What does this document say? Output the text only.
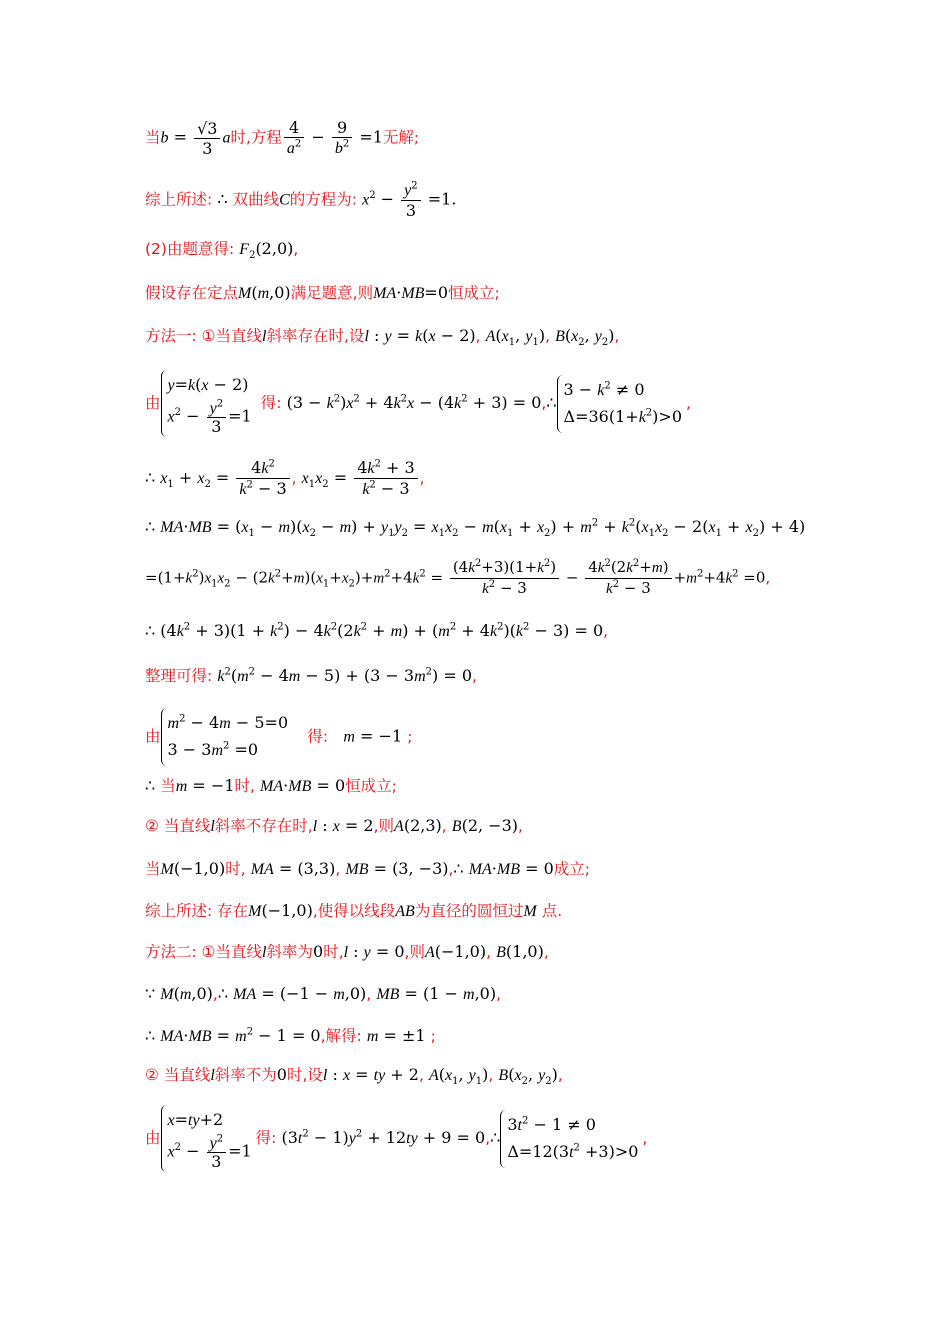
当$b = \frac{√3}{3}$ a时,方程 $\frac{4}{a^2} - \frac{9}{b^2} =1$无解;
综上所述: ∴ 双曲线C的方程为: $x^2 - \frac{y^2}{3} =1$.
(2)由题意得: $F_2(2,0)$,
假设存在定点M(m,0)满足题意,则MA·MB=0恒成立;
方法一: ①当直线l斜率存在时,设l : y = k(x − 2), $A(x_1$, $y_1$), $B(x_2$, $y_2$),
由
y=k(x − 2)
$x^2 - \frac{y^2}{3} =1$
得: $(3 - k^2)x^2 + 4k^2x - (4k^2 + 3)$ = 0,∴
$3 - k^2 \ne 0$
$\Delta=36(1+k^2)>0$
,
∴ $x_1 + x_2 = \frac{4k^2}{k^2 - 3}$ , $x_1x_2 = \frac{4k^2 + 3}{k^2 - 3}$ ,
∴ $MA\cdot MB = (x_1 - m)(x_2 - m) + y_1y_2 = x_1x_2 - m(x_1 + x_2) + m^2 + k^2(x_1x_2 - 2(x_1 + x_2) + 4)$
$=(1+k^2)x_1x_2 - (2k^2+m)(x_1+x_2)+m^2+4k^2 = \frac{(4k^2+3)(1+k^2)}{k^2 - 3} - \frac{4k^2(2k^2+m)}{k^2 - 3} +m^2+4k^2 =0$,
∴ $(4k^2 + 3)(1 + k^2) - 4k^2(2k^2 + m) + (m^2 + 4k^2)(k^2 - 3) = 0$,
整理可得: $k^2(m^2 - 4m - 5) + (3 - 3m^2) = 0$,
由
$m^2 - 4m - 5=0$
$3 - 3m^2 =0$
得: m = −1 ;
∴ 当m = −1时, MA·MB = 0恒成立;
② 当直线l斜率不存在时,l : x = 2,则A(2,3), B(2, −3),
当M(−1,0)时, MA = (3,3), MB = (3, −3),∴ MA·MB = 0成立;
综上所述: 存在M(−1,0),使得以线段AB为直径的圆恒过M 点.
方法二: ①当直线l斜率为0时,l : y = 0,则A(−1,0), B(1,0),
∵ M(m,0),∴ MA = (−1 − m,0), MB = (1 − m,0),
∴ $MA\cdot MB = m^2 - 1 = 0$,解得: m = ±1 ;
② 当直线l斜率不为0时,设l : x = ty + 2, $A(x_1$, $y_1$), $B(x_2$, $y_2$),
由
x=ty+2
$x^2 - \frac{y^2}{3} =1$
得: $(3t^2 - 1)y^2 + 12ty + 9$ = 0,∴
$3t^2 - 1 \ne 0$
$\Delta=12(3t^2 +3)>0$
,
